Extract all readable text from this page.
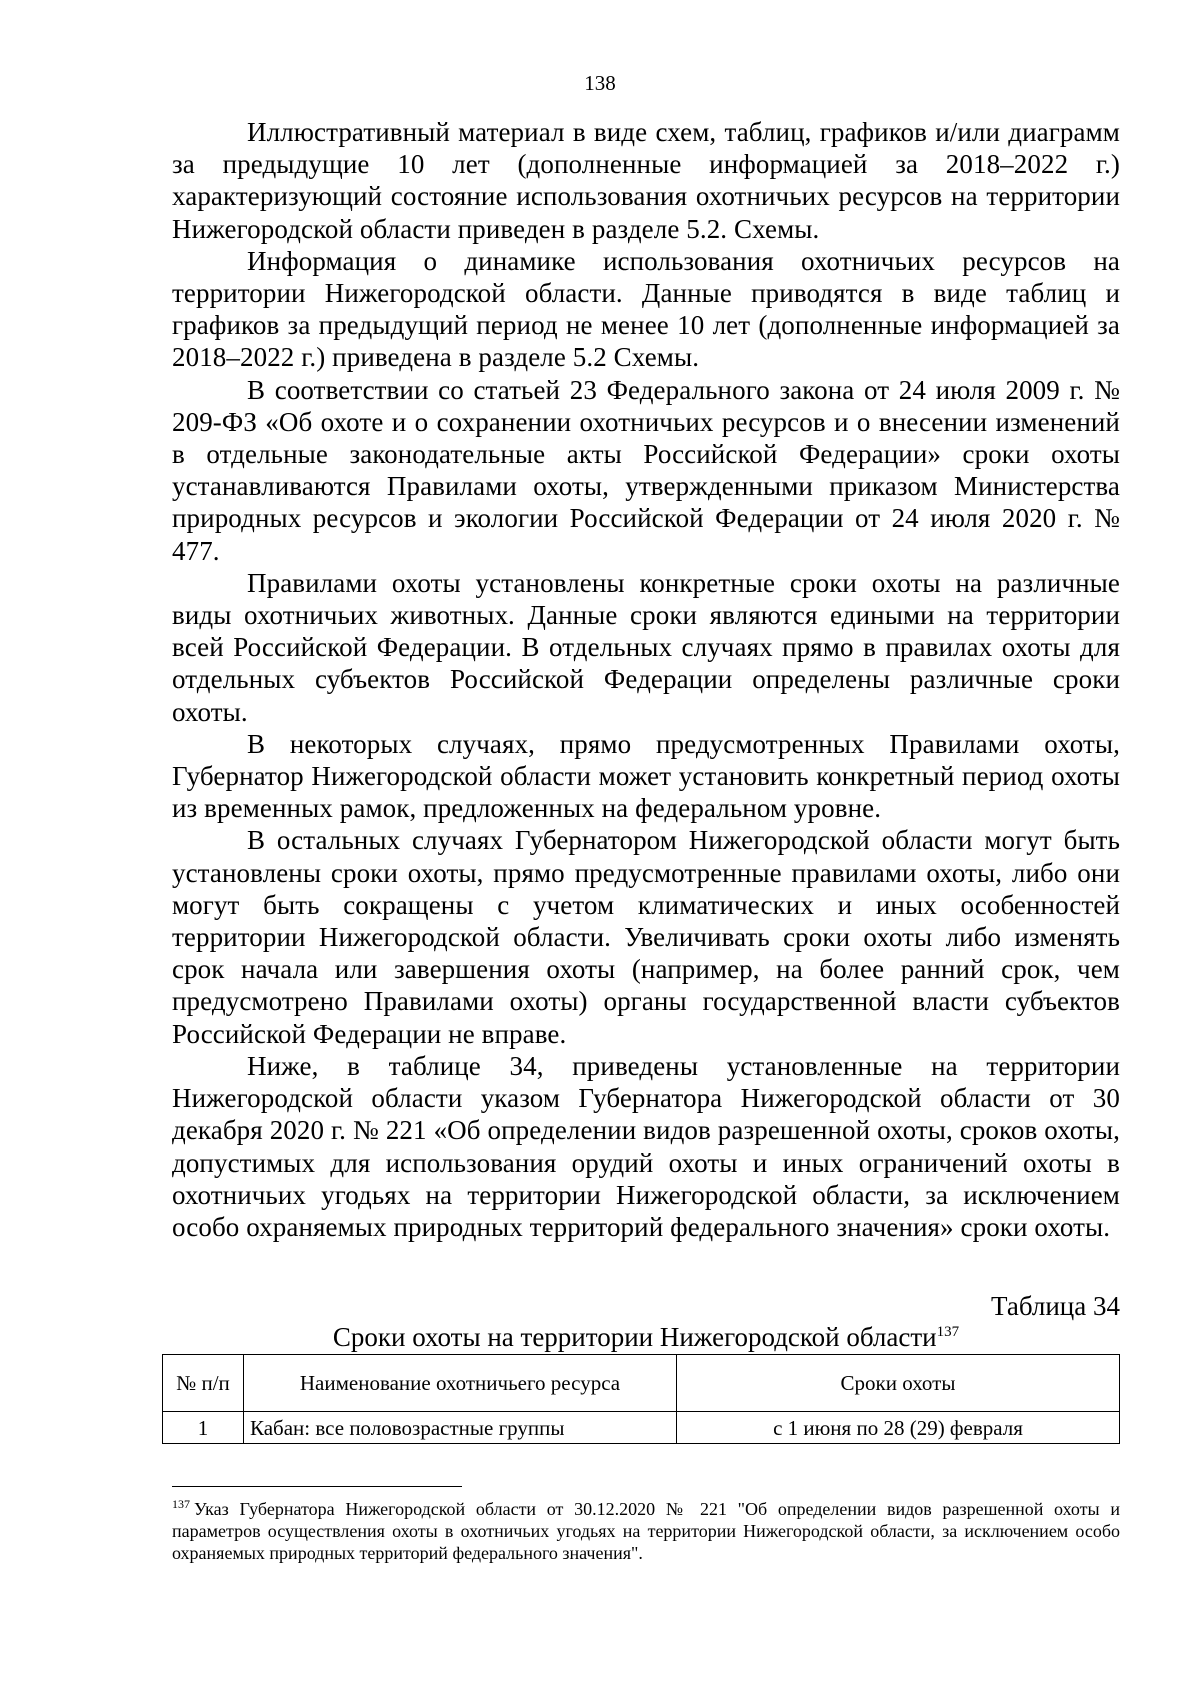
138

Иллюстративный материал в виде схем, таблиц, графиков и/или диаграмм за предыдущие 10 лет (дополненные информацией за 2018–2022 г.) характеризующий состояние использования охотничьих ресурсов на территории Нижегородской области приведен в разделе 5.2. Схемы.

Информация о динамике использования охотничьих ресурсов на территории Нижегородской области. Данные приводятся в виде таблиц и графиков за предыдущий период не менее 10 лет (дополненные информацией за 2018–2022 г.) приведена в разделе 5.2 Схемы.

В соответствии со статьей 23 Федерального закона от 24 июля 2009 г. № 209-ФЗ «Об охоте и о сохранении охотничьих ресурсов и о внесении изменений в отдельные законодательные акты Российской Федерации» сроки охоты устанавливаются Правилами охоты, утвержденными приказом Министерства природных ресурсов и экологии Российской Федерации от 24 июля 2020 г. № 477.

Правилами охоты установлены конкретные сроки охоты на различные виды охотничьих животных. Данные сроки являются едиными на территории всей Российской Федерации. В отдельных случаях прямо в правилах охоты для отдельных субъектов Российской Федерации определены различные сроки охоты.

В некоторых случаях, прямо предусмотренных Правилами охоты, Губернатор Нижегородской области может установить конкретный период охоты из временных рамок, предложенных на федеральном уровне.

В остальных случаях Губернатором Нижегородской области могут быть установлены сроки охоты, прямо предусмотренные правилами охоты, либо они могут быть сокращены с учетом климатических и иных особенностей территории Нижегородской области. Увеличивать сроки охоты либо изменять срок начала или завершения охоты (например, на более ранний срок, чем предусмотрено Правилами охоты) органы государственной власти субъектов Российской Федерации не вправе.

Ниже, в таблице 34, приведены установленные на территории Нижегородской области указом Губернатора Нижегородской области от 30 декабря 2020 г. № 221 «Об определении видов разрешенной охоты, сроков охоты, допустимых для использования орудий охоты и иных ограничений охоты в охотничьих угодьях на территории Нижегородской области, за исключением особо охраняемых природных территорий федерального значения» сроки охоты.

Таблица 34
Сроки охоты на территории Нижегородской области$^{137}$
№ п/п	Наименование охотничьего ресурса	Сроки охоты
1	Кабан: все половозрастные группы	с 1 июня по 28 (29) февраля

$^{137}$ Указ Губернатора Нижегородской области от 30.12.2020 № 221 "Об определении видов разрешенной охоты и параметров осуществления охоты в охотничьих угодьях на территории Нижегородской области, за исключением особо охраняемых природных территорий федерального значения".
